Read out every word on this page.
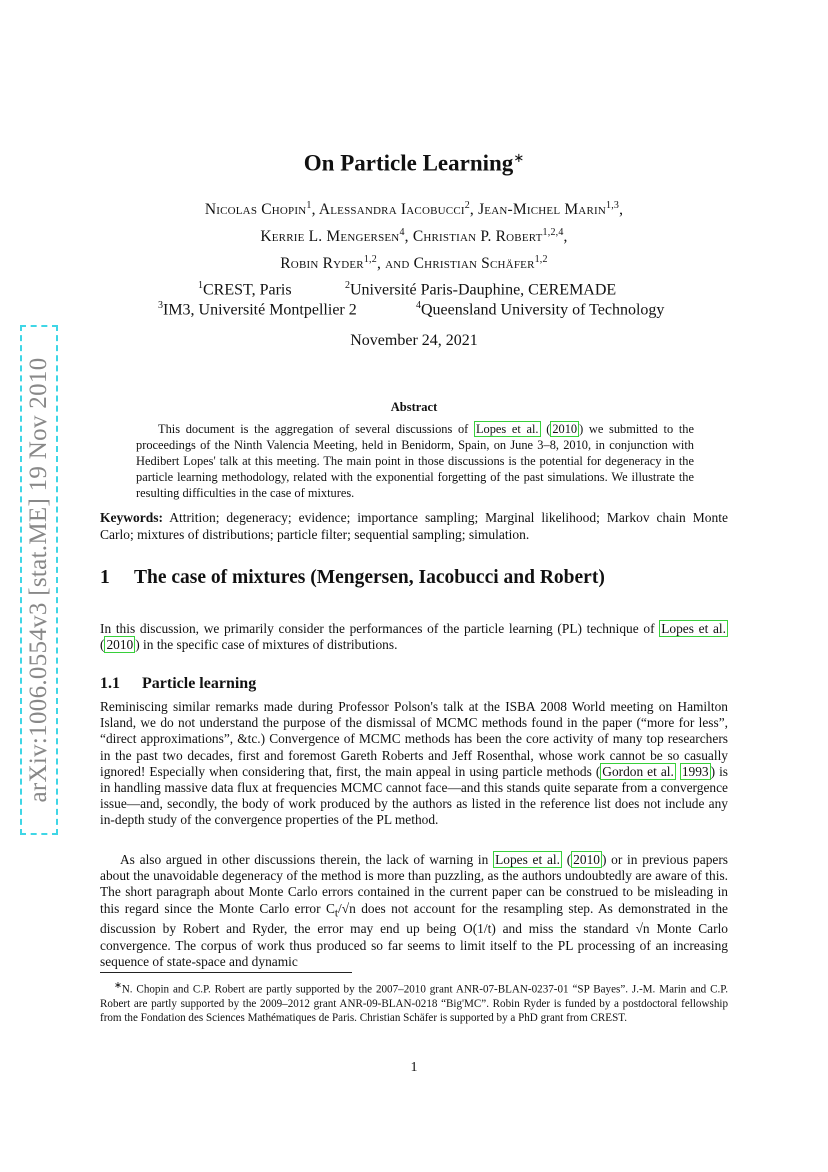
arXiv:1006.0554v3 [stat.ME] 19 Nov 2010
On Particle Learning∗
Nicolas Chopin$^1$, Alessandra Iacobucci$^2$, Jean-Michel Marin$^{1,3}$,
Kerrie L. Mengersen$^4$, Christian P. Robert$^{1,2,4}$,
Robin Ryder$^{1,2}$, and Christian Schäfer$^{1,2}$
$^1$CREST, Paris	$^2$Université Paris-Dauphine, CEREMADE
$^3$IM3, Université Montpellier 2	$^4$Queensland University of Technology
November 24, 2021
Abstract
This document is the aggregation of several discussions of Lopes et al. ( 2010 ) we submitted to the proceedings of the Ninth Valencia Meeting, held in Benidorm, Spain, on June 3–8, 2010, in conjunction with Hedibert Lopes' talk at this meeting. The main point in those discussions is the potential for degeneracy in the particle learning methodology, related with the exponential forgetting of the past simulations. We illustrate the resulting difficulties in the case of mixtures.
Keywords: Attrition; degeneracy; evidence; importance sampling; Marginal likelihood; Markov chain Monte Carlo; mixtures of distributions; particle filter; sequential sampling; simulation.
1 The case of mixtures (Mengersen, Iacobucci and Robert)
In this discussion, we primarily consider the performances of the particle learning (PL) technique of Lopes et al. ( 2010 ) in the specific case of mixtures of distributions.
1.1 Particle learning
Reminiscing similar remarks made during Professor Polson's talk at the ISBA 2008 World meeting on Hamilton Island, we do not understand the purpose of the dismissal of MCMC methods found in the paper (“more for less”, “direct approximations”, &tc.) Convergence of MCMC methods has been the core activity of many top researchers in the past two decades, first and foremost Gareth Roberts and Jeff Rosenthal, whose work cannot be so casually ignored! Especially when considering that, first, the main appeal in using particle methods ( Gordon et al. 1993 ) is in handling massive data flux at frequencies MCMC cannot face—and this stands quite separate from a convergence issue—and, secondly, the body of work produced by the authors as listed in the reference list does not include any in-depth study of the convergence properties of the PL method.
As also argued in other discussions therein, the lack of warning in Lopes et al. ( 2010 ) or in previous papers about the unavoidable degeneracy of the method is more than puzzling, as the authors undoubtedly are aware of this. The short paragraph about Monte Carlo errors contained in the current paper can be construed to be misleading in this regard since the Monte Carlo error $C_t/√n$ does not account for the resampling step. As demonstrated in the discussion by Robert and Ryder, the error may end up being O(1/t) and miss the standard √n Monte Carlo convergence. The corpus of work thus produced so far seems to limit itself to the PL processing of an increasing sequence of state-space and dynamic
∗N. Chopin and C.P. Robert are partly supported by the 2007–2010 grant ANR-07-BLAN-0237-01 “SP Bayes”. J.-M. Marin and C.P. Robert are partly supported by the 2009–2012 grant ANR-09-BLAN-0218 “Big'MC”. Robin Ryder is funded by a postdoctoral fellowship from the Fondation des Sciences Mathématiques de Paris. Christian Schäfer is supported by a PhD grant from CREST.
1
